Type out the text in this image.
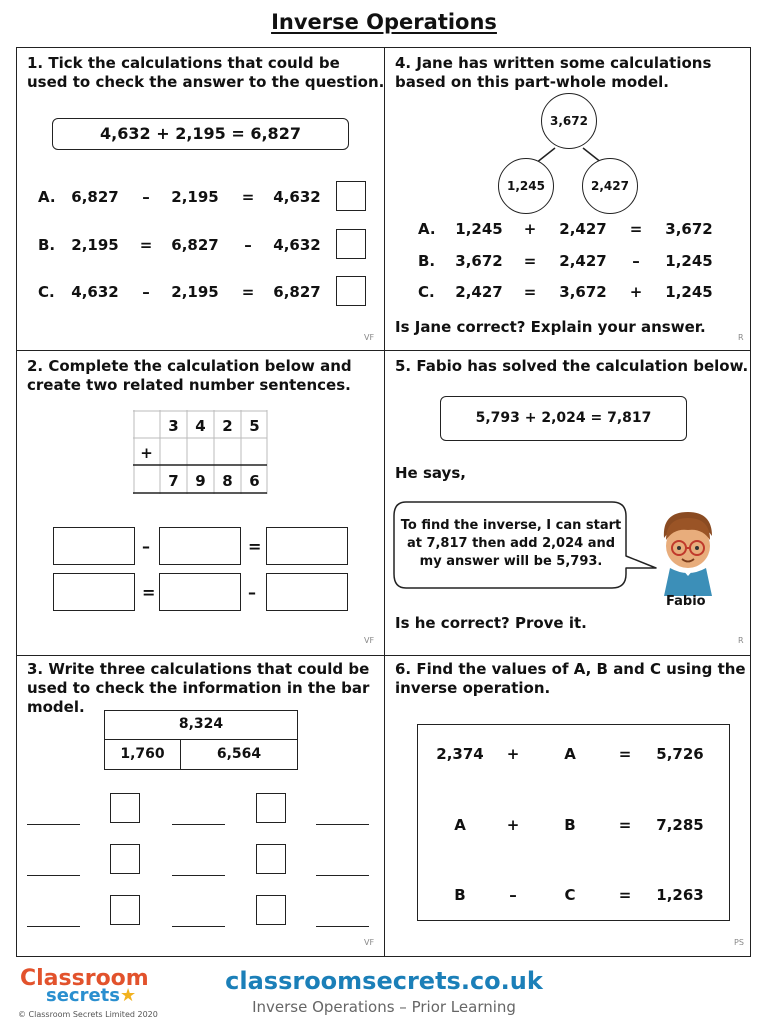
Inverse Operations
1. Tick the calculations that could be
used to check the answer to the question.
4,632 + 2,195 = 6,827
A.	6,827	–	2,195	=	4,632
B.	2,195	=	6,827	–	4,632
C.	4,632	–	2,195	=	6,827
VF
4. Jane has written some calculations
based on this part-whole model.
3,672
1,245	2,427
A.	1,245	+	2,427	=	3,672
B.	3,672	=	2,427	–	1,245
C.	2,427	=	3,672	+	1,245
Is Jane correct? Explain your answer.
R
2. Complete the calculation below and
create two related number sentences.
3	4	2	5
+
7	9	8	6
–	=
=	–
VF
5. Fabio has solved the calculation below.
5,793 + 2,024 = 7,817
He says,
To find the inverse, I can start
at 7,817 then add 2,024 and
my answer will be 5,793.
Fabio
Is he correct? Prove it.
R
3. Write three calculations that could be
used to check the information in the bar
model.
8,324
1,760	6,564
VF
6. Find the values of A, B and C using the
inverse operation.
2,374	+	A	=	5,726
A	+	B	=	7,285
B	–	C	=	1,263
PS
Classroom
secrets★
© Classroom Secrets Limited 2020
classroomsecrets.co.uk
Inverse Operations – Prior Learning
